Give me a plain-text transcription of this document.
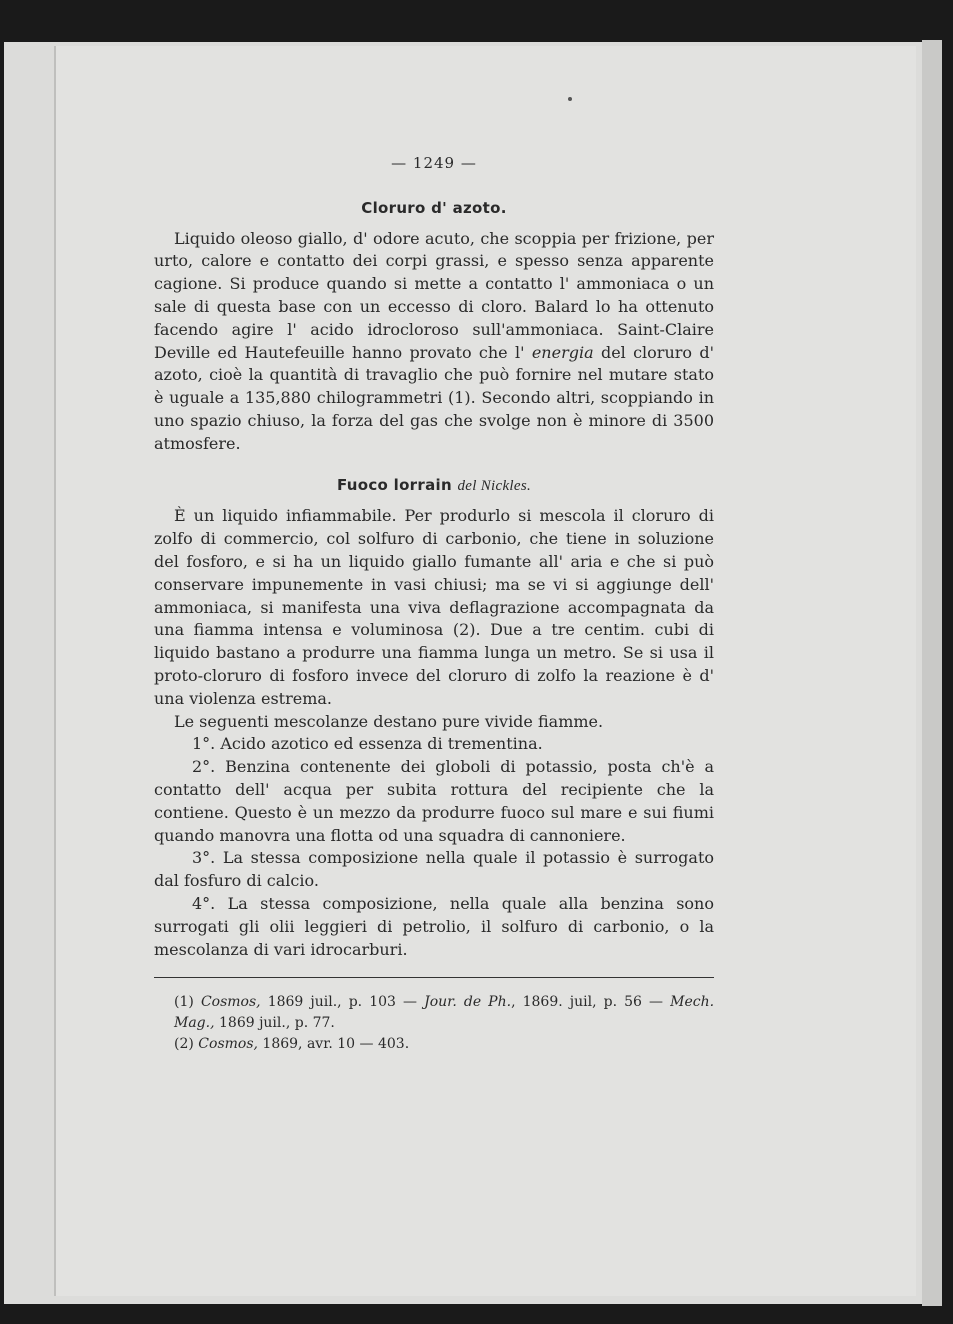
— 1249 —
Cloruro d' azoto.

Liquido oleoso giallo, d' odore acuto, che scoppia per frizione, per urto, calore e contatto dei corpi grassi, e spesso senza apparente cagione. Si produce quando si mette a contatto l' ammoniaca o un sale di questa base con un eccesso di cloro. Balard lo ha ottenuto facendo agire l' acido idrocloroso sull'ammoniaca. Saint-Claire Deville ed Hautefeuille hanno provato che l' energia del cloruro d' azoto, cioè la quantità di travaglio che può fornire nel mutare stato è uguale a 135,880 chilogrammetri (1). Secondo altri, scoppiando in uno spazio chiuso, la forza del gas che svolge non è minore di 3500 atmosfere.

Fuoco lorrain del Nickles.

È un liquido infiammabile. Per produrlo si mescola il cloruro di zolfo di commercio, col solfuro di carbonio, che tiene in soluzione del fosforo, e si ha un liquido giallo fumante all' aria e che si può conservare impunemente in vasi chiusi; ma se vi si aggiunge dell' ammoniaca, si manifesta una viva deflagrazione accompagnata da una fiamma intensa e voluminosa (2). Due a tre centim. cubi di liquido bastano a produrre una fiamma lunga un metro. Se si usa il proto-cloruro di fosforo invece del cloruro di zolfo la reazione è d' una violenza estrema.

Le seguenti mescolanze destano pure vivide fiamme.

1°. Acido azotico ed essenza di trementina.

2°. Benzina contenente dei globoli di potassio, posta ch'è a contatto dell' acqua per subita rottura del recipiente che la contiene. Questo è un mezzo da produrre fuoco sul mare e sui fiumi quando manovra una flotta od una squadra di cannoniere.

3°. La stessa composizione nella quale il potassio è surrogato dal fosfuro di calcio.

4°. La stessa composizione, nella quale alla benzina sono surrogati gli olii leggieri di petrolio, il solfuro di carbonio, o la mescolanza di vari idrocarburi.

(1) Cosmos, 1869 juil., p. 103 — Jour. de Ph., 1869. juil, p. 56 — Mech. Mag., 1869 juil., p. 77.
(2) Cosmos, 1869, avr. 10 — 403.
